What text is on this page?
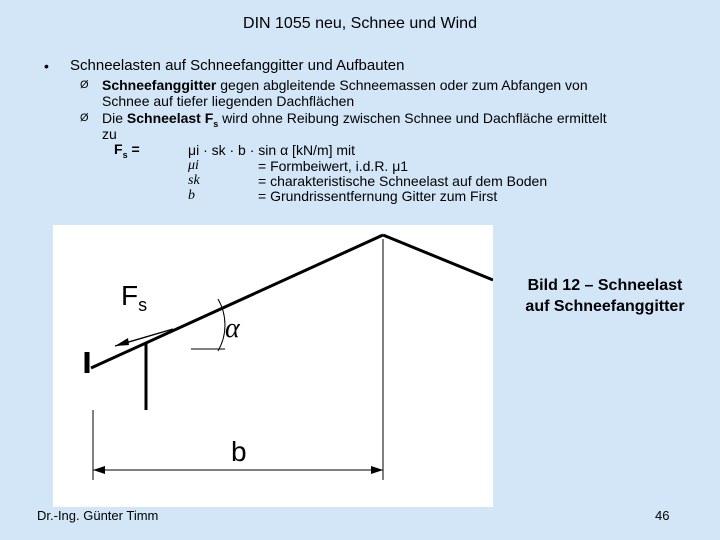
DIN 1055 neu, Schnee und Wind
• Schneelasten auf Schneefanggitter und Aufbauten
Ø Schneefanggitter gegen abgleitende Schneemassen oder zum Abfangen von
Schnee auf tiefer liegenden Dachflächen
Ø Die Schneelast $F_s$ wird ohne Reibung zwischen Schnee und Dachfläche ermittelt
zu
$F_s$ =	μi · sk · b · sin α [kN/m] mit
μi	= Formbeiwert, i.d.R. μ1
sk	= charakteristische Schneelast auf dem Boden
b	= Grundrissentfernung Gitter zum First
$F_s$
α
b
Bild 12 – Schneelast
auf Schneefanggitter
Dr.-Ing. Günter Timm	46
